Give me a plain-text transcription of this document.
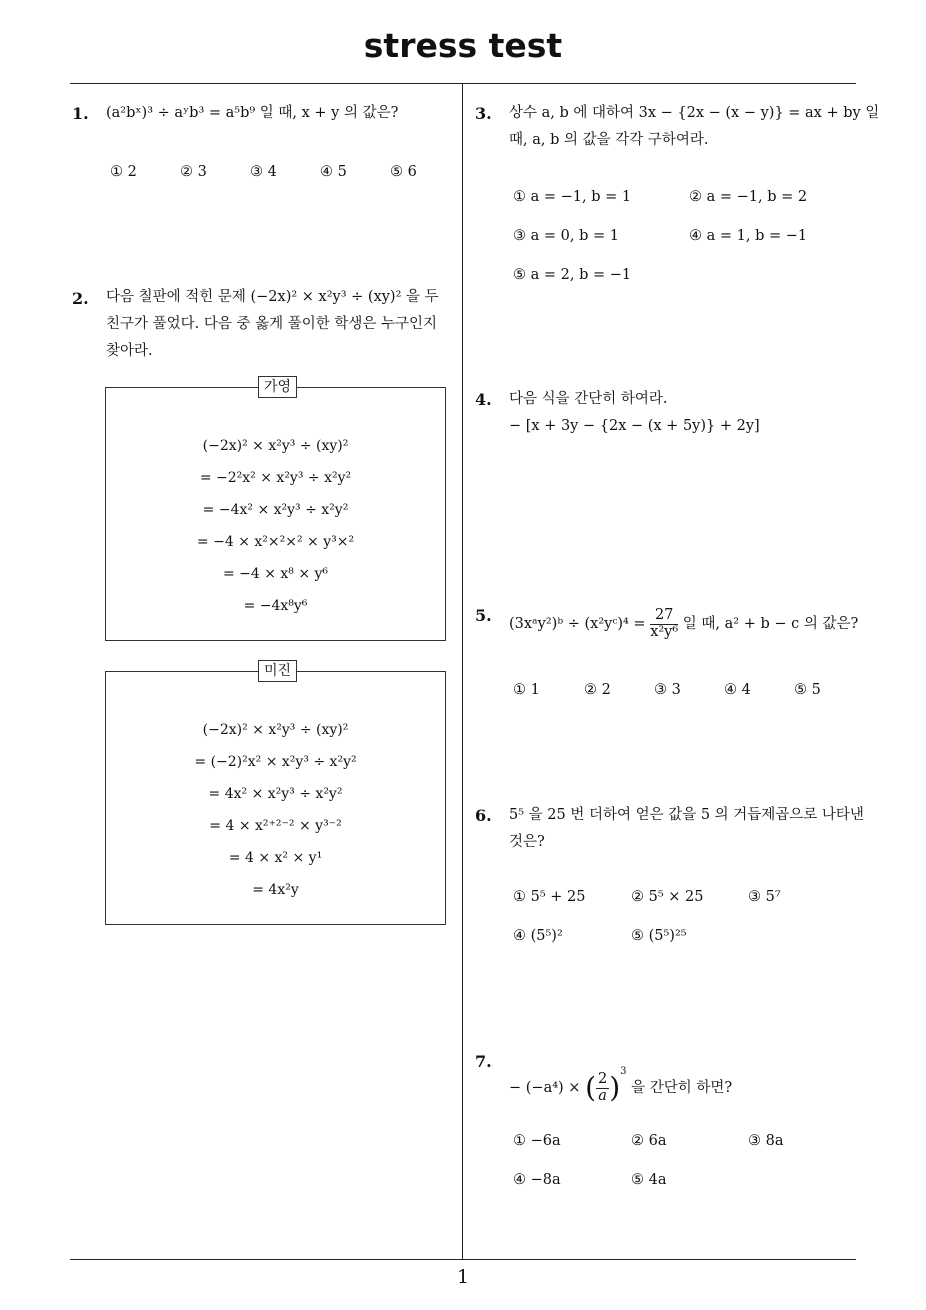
stress test
1
1. (a²bˣ)³ ÷ aʸb³ = a⁵b⁹ 일 때, x + y 의 값은?
① 2	② 3	③ 4	④ 5	⑤ 6
2. 다음 칠판에 적힌 문제 (−2x)² × x²y³ ÷ (xy)² 을 두
친구가 풀었다. 다음 중 옳게 풀이한 학생은 누구인지
찾아라.
가영
(−2x)² × x²y³ ÷ (xy)²
= −2²x² × x²y³ ÷ x²y²
= −4x² × x²y³ ÷ x²y²
= −4 × x²×²×² × y³×²
= −4 × x⁸ × y⁶
= −4x⁸y⁶
미진
(−2x)² × x²y³ ÷ (xy)²
= (−2)²x² × x²y³ ÷ x²y²
= 4x² × x²y³ ÷ x²y²
= 4 × x²⁺²⁻² × y³⁻²
= 4 × x² × y¹
= 4x²y
3. 상수 a, b 에 대하여 3x − {2x − (x − y)} = ax + by 일
때, a, b 의 값을 각각 구하여라.
① a = −1, b = 1	② a = −1, b = 2
③ a = 0, b = 1	④ a = 1, b = −1
⑤ a = 2, b = −1
4. 다음 식을 간단히 하여라.
− [x + 3y − {2x − (x + 5y)} + 2y]
5. (3xᵃy²)ᵇ ÷ (x²yᶜ)⁴ = $\frac{27}{\text{x²y⁶}}$ 일 때, a² + b − c 의 값은?
① 1	② 2	③ 3	④ 4	⑤ 5
6. 5⁵ 을 25 번 더하여 얻은 값을 5 의 거듭제곱으로 나타낸
것은?
① 5⁵ + 25	② 5⁵ × 25	③ 5⁷
④ (5⁵)²	⑤ (5⁵)²⁵
7.
− (−a⁴) × ( $\frac{2}{a} )^3$ 을 간단히 하면?
① −6a	② 6a	③ 8a
④ −8a	⑤ 4a
